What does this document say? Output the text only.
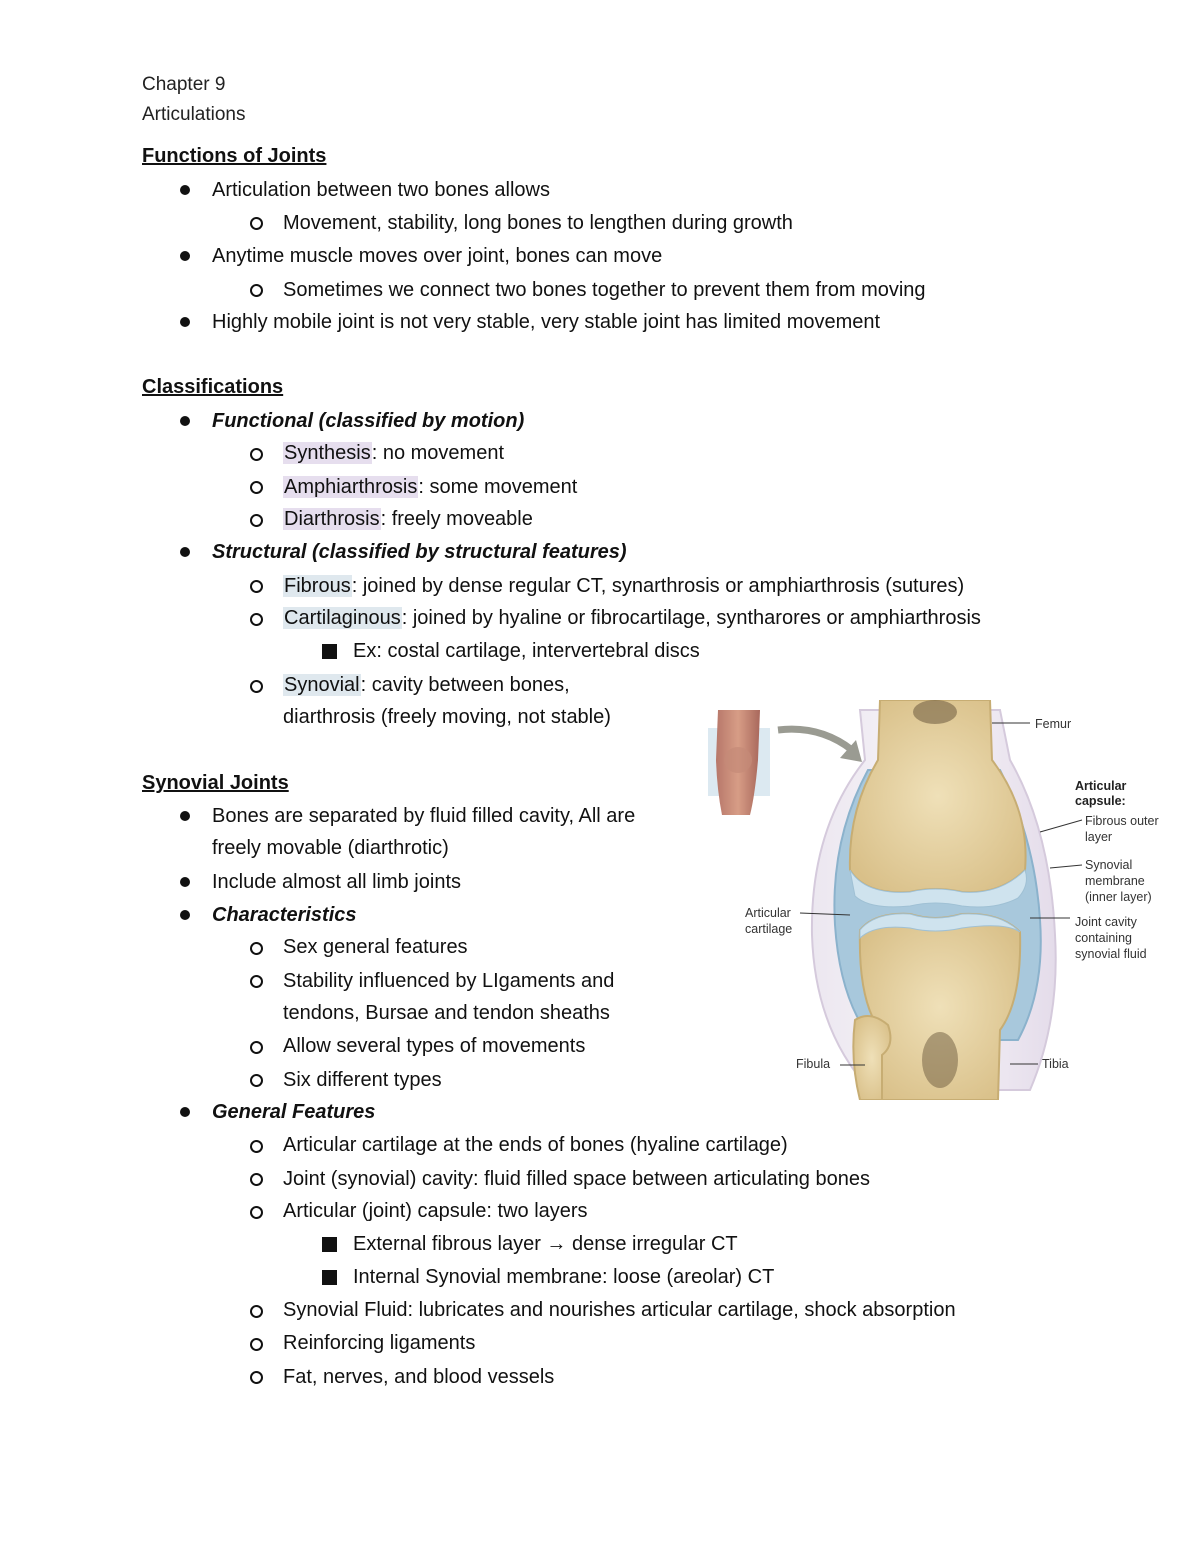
Chapter 9
Articulations
Functions of Joints
Articulation between two bones allows
Movement, stability, long bones to lengthen during growth
Anytime muscle moves over joint, bones can move
Sometimes we connect two bones together to prevent them from moving
Highly mobile joint is not very stable, very stable joint has limited movement
Classifications
Functional (classified by motion)
Synthesis: no movement
Amphiarthrosis: some movement
Diarthrosis: freely moveable
Structural (classified by structural features)
Fibrous: joined by dense regular CT, synarthrosis or amphiarthrosis (sutures)
Cartilaginous: joined by hyaline or fibrocartilage, syntharores or amphiarthrosis
Ex: costal cartilage, intervertebral discs
Synovial: cavity between bones,
diarthrosis (freely moving, not stable)
Synovial Joints
Bones are separated by fluid filled cavity, All are
freely movable (diarthrotic)
Include almost all limb joints
Characteristics
Sex general features
Stability influenced by LIgaments and
tendons, Bursae and tendon sheaths
Allow several types of movements
Six different types
General Features
Articular cartilage at the ends of bones (hyaline cartilage)
Joint (synovial) cavity: fluid filled space between articulating bones
Articular (joint) capsule: two layers
External fibrous layer → dense irregular CT
Internal Synovial membrane: loose (areolar) CT
Synovial Fluid: lubricates and nourishes articular cartilage, shock absorption
Reinforcing ligaments
Fat, nerves, and blood vessels
Femur
Articular
capsule:
Fibrous outer
layer
Synovial
membrane
(inner layer)
Articular
cartilage	Joint cavity
containing
synovial fluid
Fibula	Tibia
